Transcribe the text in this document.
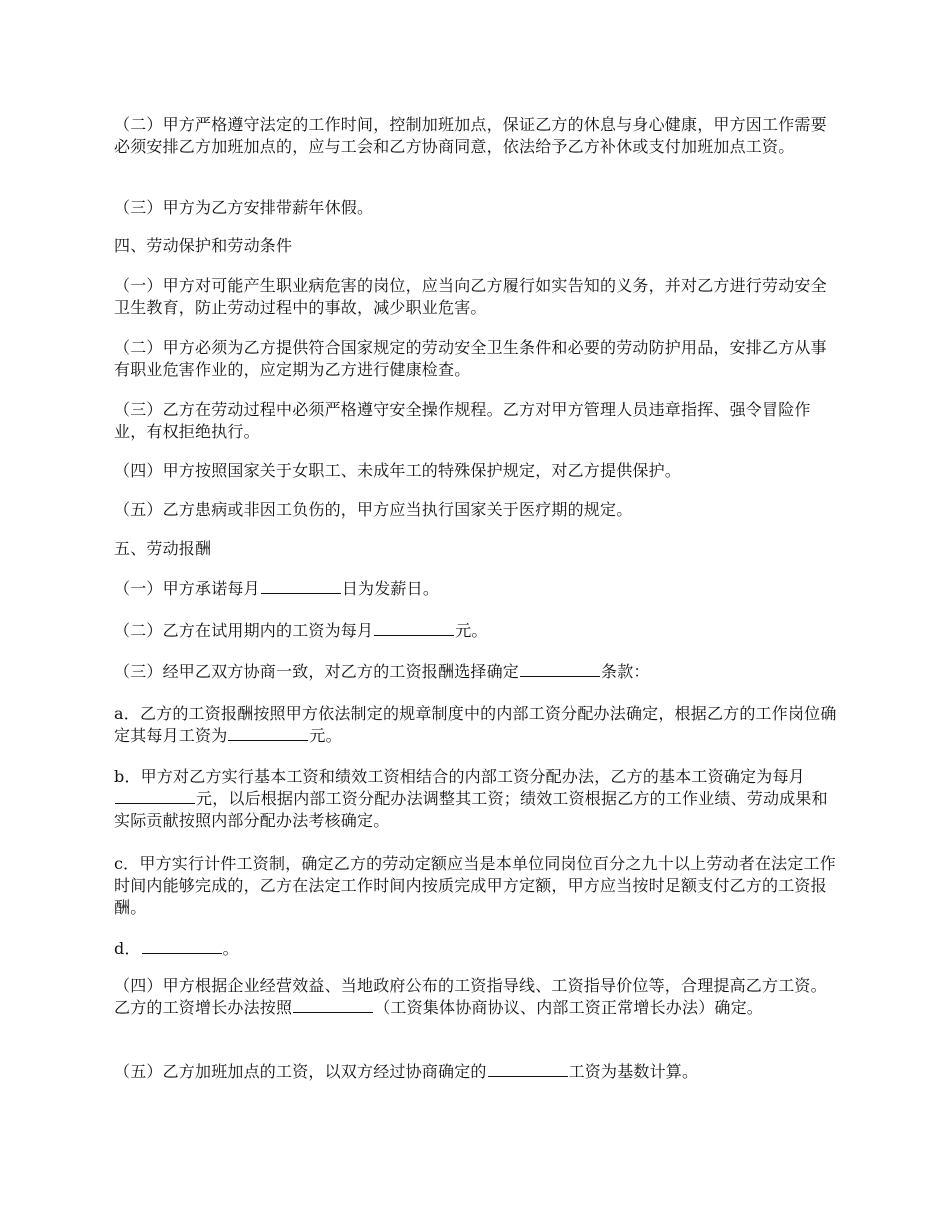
（二）甲方严格遵守法定的工作时间，控制加班加点，保证乙方的休息与身心健康，甲方因工作需要必须安排乙方加班加点的，应与工会和乙方协商同意，依法给予乙方补休或支付加班加点工资。

（三）甲方为乙方安排带薪年休假。

四、劳动保护和劳动条件

（一）甲方对可能产生职业病危害的岗位，应当向乙方履行如实告知的义务，并对乙方进行劳动安全卫生教育，防止劳动过程中的事故，减少职业危害。

（二）甲方必须为乙方提供符合国家规定的劳动安全卫生条件和必要的劳动防护用品，安排乙方从事有职业危害作业的，应定期为乙方进行健康检查。

（三）乙方在劳动过程中必须严格遵守安全操作规程。乙方对甲方管理人员违章指挥、强令冒险作业，有权拒绝执行。

（四）甲方按照国家关于女职工、未成年工的特殊保护规定，对乙方提供保护。

（五）乙方患病或非因工负伤的，甲方应当执行国家关于医疗期的规定。

五、劳动报酬

（一）甲方承诺每月	日为发薪日。

（二）乙方在试用期内的工资为每月	元。

（三）经甲乙双方协商一致，对乙方的工资报酬选择确定	条款：

a．乙方的工资报酬按照甲方依法制定的规章制度中的内部工资分配办法确定，根据乙方的工作岗位确定其每月工资为	元。

b．甲方对乙方实行基本工资和绩效工资相结合的内部工资分配办法，乙方的基本工资确定为每月元，以后根据内部工资分配办法调整其工资；绩效工资根据乙方的工作业绩、劳动成果和实际贡献按照内部分配办法考核确定。

c．甲方实行计件工资制，确定乙方的劳动定额应当是本单位同岗位百分之九十以上劳动者在法定工作时间内能够完成的，乙方在法定工作时间内按质完成甲方定额，甲方应当按时足额支付乙方的工资报酬。

d．	。

（四）甲方根据企业经营效益、当地政府公布的工资指导线、工资指导价位等，合理提高乙方工资。乙方的工资增长办法按照	（工资集体协商协议、内部工资正常增长办法）确定。

（五）乙方加班加点的工资，以双方经过协商确定的	工资为基数计算。
